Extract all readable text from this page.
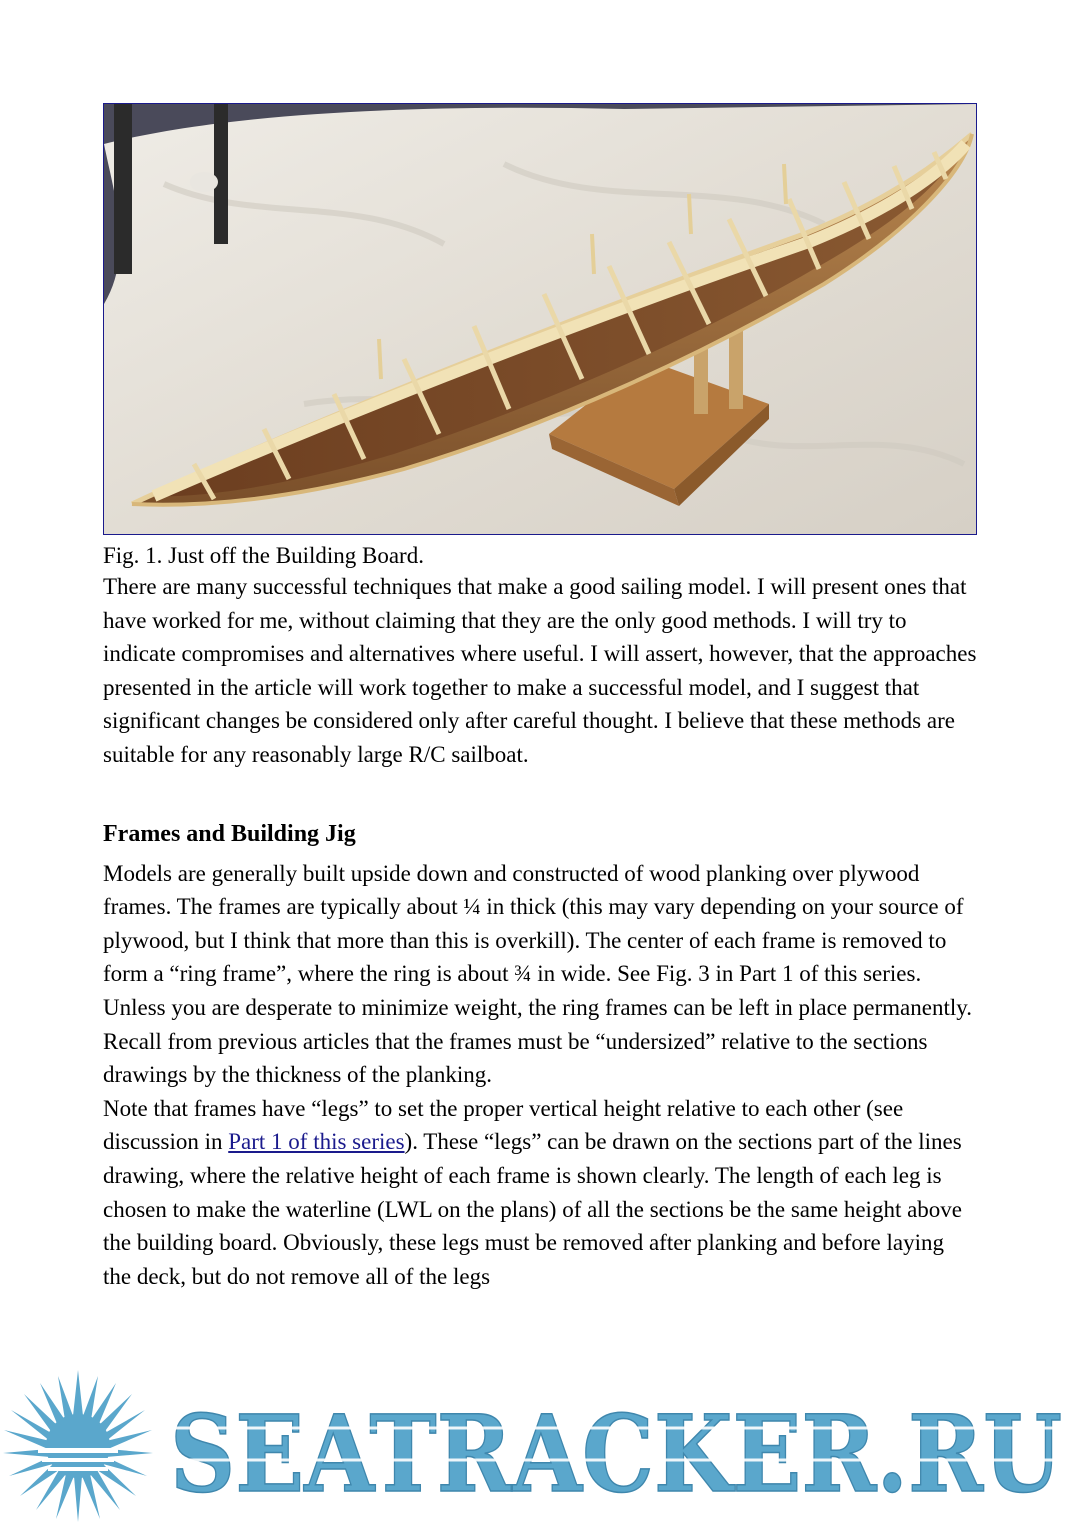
Fig. 1. Just off the Building Board.

There are many successful techniques that make a good sailing model. I will present ones that have worked for me, without claiming that they are the only good methods. I will try to indicate compromises and alternatives where useful. I will assert, however, that the approaches presented in the article will work together to make a successful model, and I suggest that significant changes be considered only after careful thought. I believe that these methods are suitable for any reasonably large R/C sailboat.

Frames and Building Jig

Models are generally built upside down and constructed of wood planking over plywood frames. The frames are typically about ¼ in thick (this may vary depending on your source of plywood, but I think that more than this is overkill). The center of each frame is removed to form a “ring frame”, where the ring is about ¾ in wide. See Fig. 3 in Part 1 of this series. Unless you are desperate to minimize weight, the ring frames can be left in place permanently. Recall from previous articles that the frames must be “undersized” relative to the sections drawings by the thickness of the planking.

Note that frames have “legs” to set the proper vertical height relative to each other (see discussion in Part 1 of this series). These “legs” can be drawn on the sections part of the lines drawing, where the relative height of each frame is shown clearly. The length of each leg is chosen to make the waterline (LWL on the plans) of all the sections be the same height above the building board. Obviously, these legs must be removed after planking and before laying the deck, but do not remove all of the legs

SEATRACKER.RU
